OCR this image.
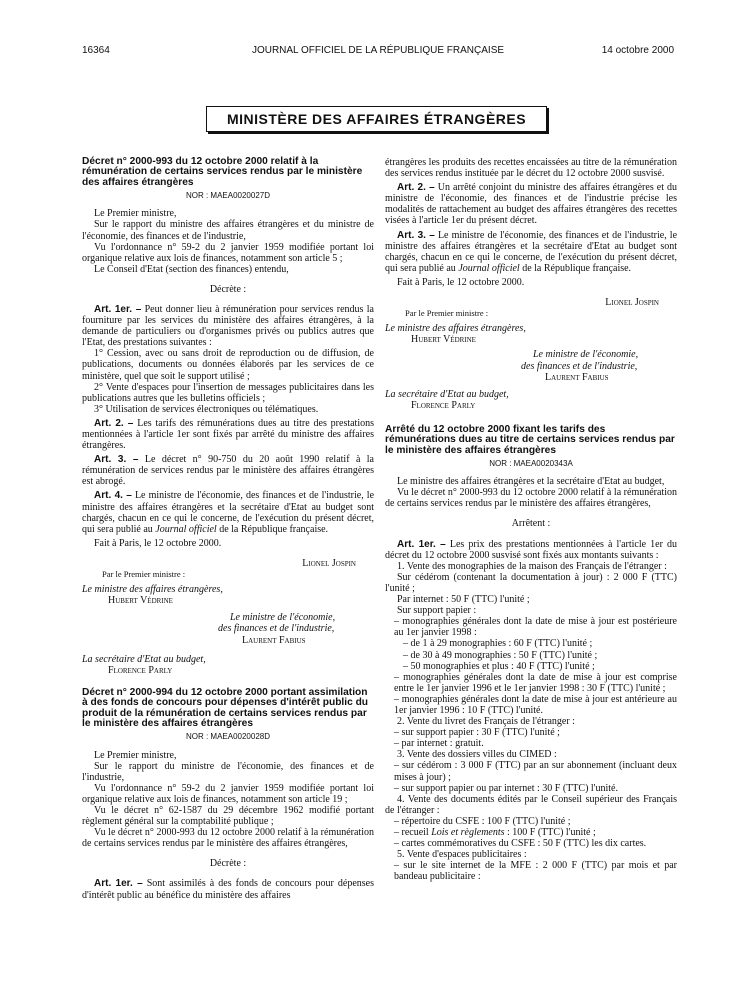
16364	JOURNAL OFFICIEL DE LA RÉPUBLIQUE FRANÇAISE	14 octobre 2000
MINISTÈRE DES AFFAIRES ÉTRANGÈRES
Décret n° 2000-993 du 12 octobre 2000 relatif à la rémunération de certains services rendus par le ministère des affaires étrangères
NOR : MAEA0020027D

Le Premier ministre,

Sur le rapport du ministre des affaires étrangères et du ministre de l'économie, des finances et de l'industrie,

Vu l'ordonnance n° 59-2 du 2 janvier 1959 modifiée portant loi organique relative aux lois de finances, notamment son article 5 ;

Le Conseil d'Etat (section des finances) entendu,

Décrète :

Art. 1er. – Peut donner lieu à rémunération pour services rendus la fourniture par les services du ministère des affaires étrangères, à la demande de particuliers ou d'organismes privés ou publics autres que l'Etat, des prestations suivantes :

1° Cession, avec ou sans droit de reproduction ou de diffusion, de publications, documents ou données élaborés par les services de ce ministère, quel que soit le support utilisé ;

2° Vente d'espaces pour l'insertion de messages publicitaires dans les publications autres que les bulletins officiels ;

3° Utilisation de services électroniques ou télématiques.

Art. 2. – Les tarifs des rémunérations dues au titre des prestations mentionnées à l'article 1er sont fixés par arrêté du ministre des affaires étrangères.

Art. 3. – Le décret n° 90-750 du 20 août 1990 relatif à la rémunération de services rendus par le ministère des affaires étrangères est abrogé.

Art. 4. – Le ministre de l'économie, des finances et de l'industrie, le ministre des affaires étrangères et la secrétaire d'Etat au budget sont chargés, chacun en ce qui le concerne, de l'exécution du présent décret, qui sera publié au Journal officiel de la République française.

Fait à Paris, le 12 octobre 2000.

Lionel Jospin
Par le Premier ministre :
Le ministre des affaires étrangères,
Hubert Védrine
Le ministre de l'économie,
des finances et de l'industrie,
Laurent Fabius
La secrétaire d'Etat au budget,
Florence Parly
Décret n° 2000-994 du 12 octobre 2000 portant assimilation à des fonds de concours pour dépenses d'intérêt public du produit de la rémunération de certains services rendus par le ministère des affaires étrangères
NOR : MAEA0020028D

Le Premier ministre,

Sur le rapport du ministre de l'économie, des finances et de l'industrie,

Vu l'ordonnance n° 59-2 du 2 janvier 1959 modifiée portant loi organique relative aux lois de finances, notamment son article 19 ;

Vu le décret n° 62-1587 du 29 décembre 1962 modifié portant règlement général sur la comptabilité publique ;

Vu le décret n° 2000-993 du 12 octobre 2000 relatif à la rémunération de certains services rendus par le ministère des affaires étrangères,

Décrète :

Art. 1er. – Sont assimilés à des fonds de concours pour dépenses d'intérêt public au bénéfice du ministère des affaires

étrangères les produits des recettes encaissées au titre de la rémunération des services rendus instituée par le décret du 12 octobre 2000 susvisé.

Art. 2. – Un arrêté conjoint du ministre des affaires étrangères et du ministre de l'économie, des finances et de l'industrie précise les modalités de rattachement au budget des affaires étrangères des recettes visées à l'article 1er du présent décret.

Art. 3. – Le ministre de l'économie, des finances et de l'industrie, le ministre des affaires étrangères et la secrétaire d'Etat au budget sont chargés, chacun en ce qui le concerne, de l'exécution du présent décret, qui sera publié au Journal officiel de la République française.

Fait à Paris, le 12 octobre 2000.

Lionel Jospin
Par le Premier ministre :
Le ministre des affaires étrangères,
Hubert Védrine
Le ministre de l'économie,
des finances et de l'industrie,
Laurent Fabius
La secrétaire d'Etat au budget,
Florence Parly
Arrêté du 12 octobre 2000 fixant les tarifs des rémunérations dues au titre de certains services rendus par le ministère des affaires étrangères
NOR : MAEA0020343A

Le ministre des affaires étrangères et la secrétaire d'Etat au budget,

Vu le décret n° 2000-993 du 12 octobre 2000 relatif à la rémunération de certains services rendus par le ministère des affaires étrangères,

Arrêtent :

Art. 1er. – Les prix des prestations mentionnées à l'article 1er du décret du 12 octobre 2000 susvisé sont fixés aux montants suivants :

1. Vente des monographies de la maison des Français de l'étranger :

Sur cédérom (contenant la documentation à jour) : 2 000 F (TTC) l'unité ;

Par internet : 50 F (TTC) l'unité ;

Sur support papier :

– monographies générales dont la date de mise à jour est postérieure au 1er janvier 1998 :

– de 1 à 29 monographies : 60 F (TTC) l'unité ;

– de 30 à 49 monographies : 50 F (TTC) l'unité ;

– 50 monographies et plus : 40 F (TTC) l'unité ;

– monographies générales dont la date de mise à jour est comprise entre le 1er janvier 1996 et le 1er janvier 1998 : 30 F (TTC) l'unité ;

– monographies générales dont la date de mise à jour est antérieure au 1er janvier 1996 : 10 F (TTC) l'unité.

2. Vente du livret des Français de l'étranger :

– sur support papier : 30 F (TTC) l'unité ;

– par internet : gratuit.

3. Vente des dossiers villes du CIMED :

– sur cédérom : 3 000 F (TTC) par an sur abonnement (incluant deux mises à jour) ;

– sur support papier ou par internet : 30 F (TTC) l'unité.

4. Vente des documents édités par le Conseil supérieur des Français de l'étranger :

– répertoire du CSFE : 100 F (TTC) l'unité ;

– recueil Lois et règlements : 100 F (TTC) l'unité ;

– cartes commémoratives du CSFE : 50 F (TTC) les dix cartes.

5. Vente d'espaces publicitaires :

– sur le site internet de la MFE : 2 000 F (TTC) par mois et par bandeau publicitaire :
